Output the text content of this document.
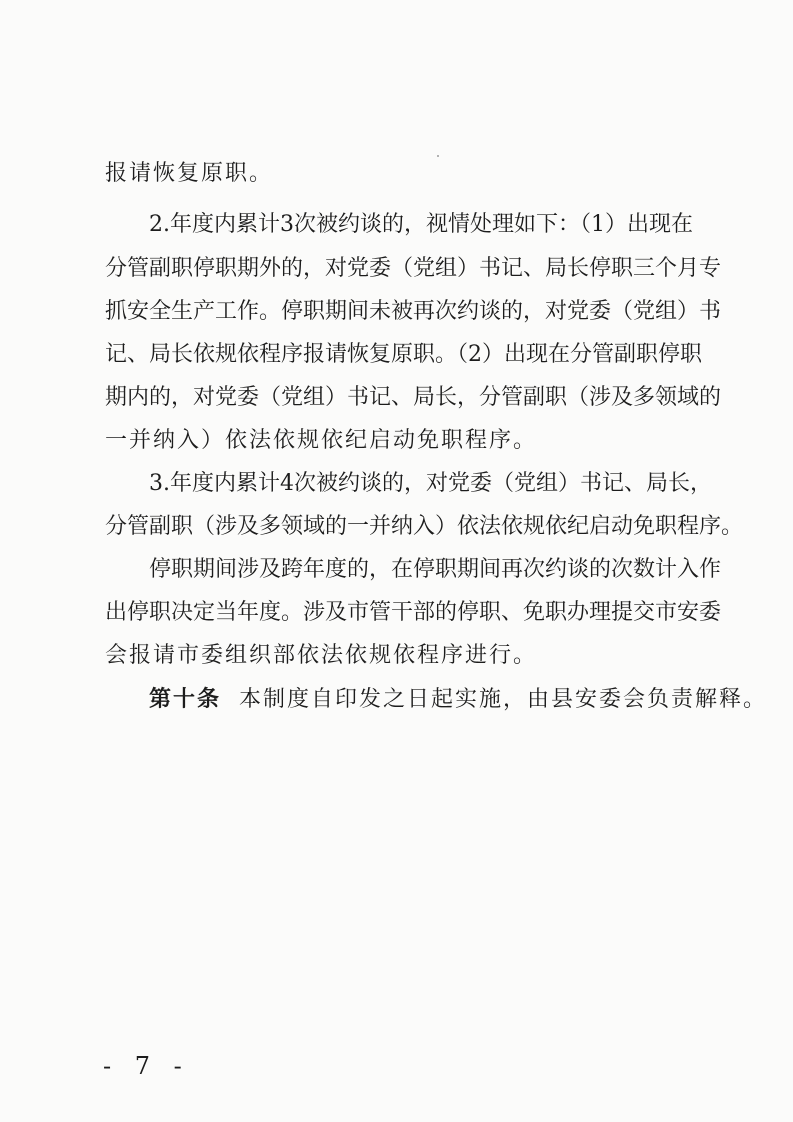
报请恢复原职。
2.年度内累计3次被约谈的，视情处理如下：（1）出现在
分管副职停职期外的，对党委（党组）书记、局长停职三个月专
抓安全生产工作。停职期间未被再次约谈的，对党委（党组）书
记、局长依规依程序报请恢复原职。（2）出现在分管副职停职
期内的，对党委（党组）书记、局长，分管副职（涉及多领域的
一并纳入）依法依规依纪启动免职程序。
3.年度内累计4次被约谈的，对党委（党组）书记、局长，
分管副职（涉及多领域的一并纳入）依法依规依纪启动免职程序。
停职期间涉及跨年度的，在停职期间再次约谈的次数计入作
出停职决定当年度。涉及市管干部的停职、免职办理提交市安委
会报请市委组织部依法依规依程序进行。
第十条 本制度自印发之日起实施，由县安委会负责解释。
- 7 -
